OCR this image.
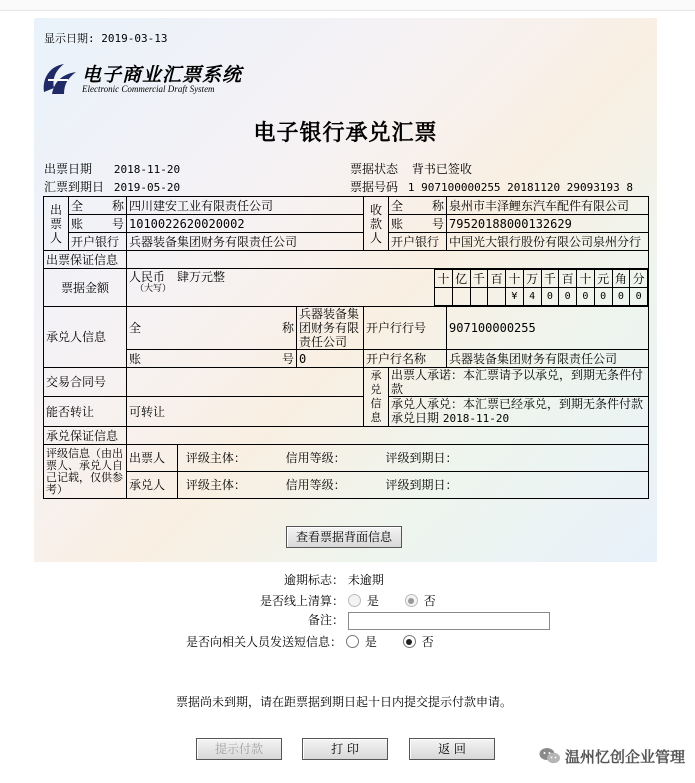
显示日期: 2019-03-13
电子商业汇票系统
Electronic Commercial Draft System
电子银行承兑汇票
出票日期 2018-11-20
汇票到期日 2019-05-20
票据状态 背书已签收
票据号码 1 907100000255 20181120 29093193 8
出票人	全　称	四川建安工业有限责任公司	收款人	全　称	泉州市丰泽鲤东汽车配件有限公司
账　号	1010022620020002	账　号	79520188000132629
开户银行	兵器装备集团财务有限责任公司	开户银行	中国光大银行股份有限公司泉州分行
出票保证信息	
票据金额	
人民币　肆万元整
（大写）

十	亿	千	百	十	万	千	百	十	元	角	分
				¥	4	0	0	0	0	0	0

承兑人信息	全　称	兵器装备集团财务有限责任公司	开户行行号	907100000255
账　号	0	开户行名称	兵器装备集团财务有限责任公司
交易合同号		承兑信息	出票人承诺：本汇票请予以承兑，到期无条件付款
能否转让	可转让	
承兑人承兑：本汇票已经承兑，到期无条件付款
承兑日期 2018-11-20

承兑保证信息	
评级信息（由出票人、承兑人自己记载，仅供参考）	出票人 评级主体：	信用等级：	评级到期日：
承兑人 评级主体：	信用等级：	评级到期日：
查看票据背面信息
逾期标志： 未逾期
是否线上清算： 是	否
备注：
是否向相关人员发送短信息： 是	否
票据尚未到期，请在距票据到期日起十日内提交提示付款申请。
提示付款	打 印	返 回	温州忆创企业管理
